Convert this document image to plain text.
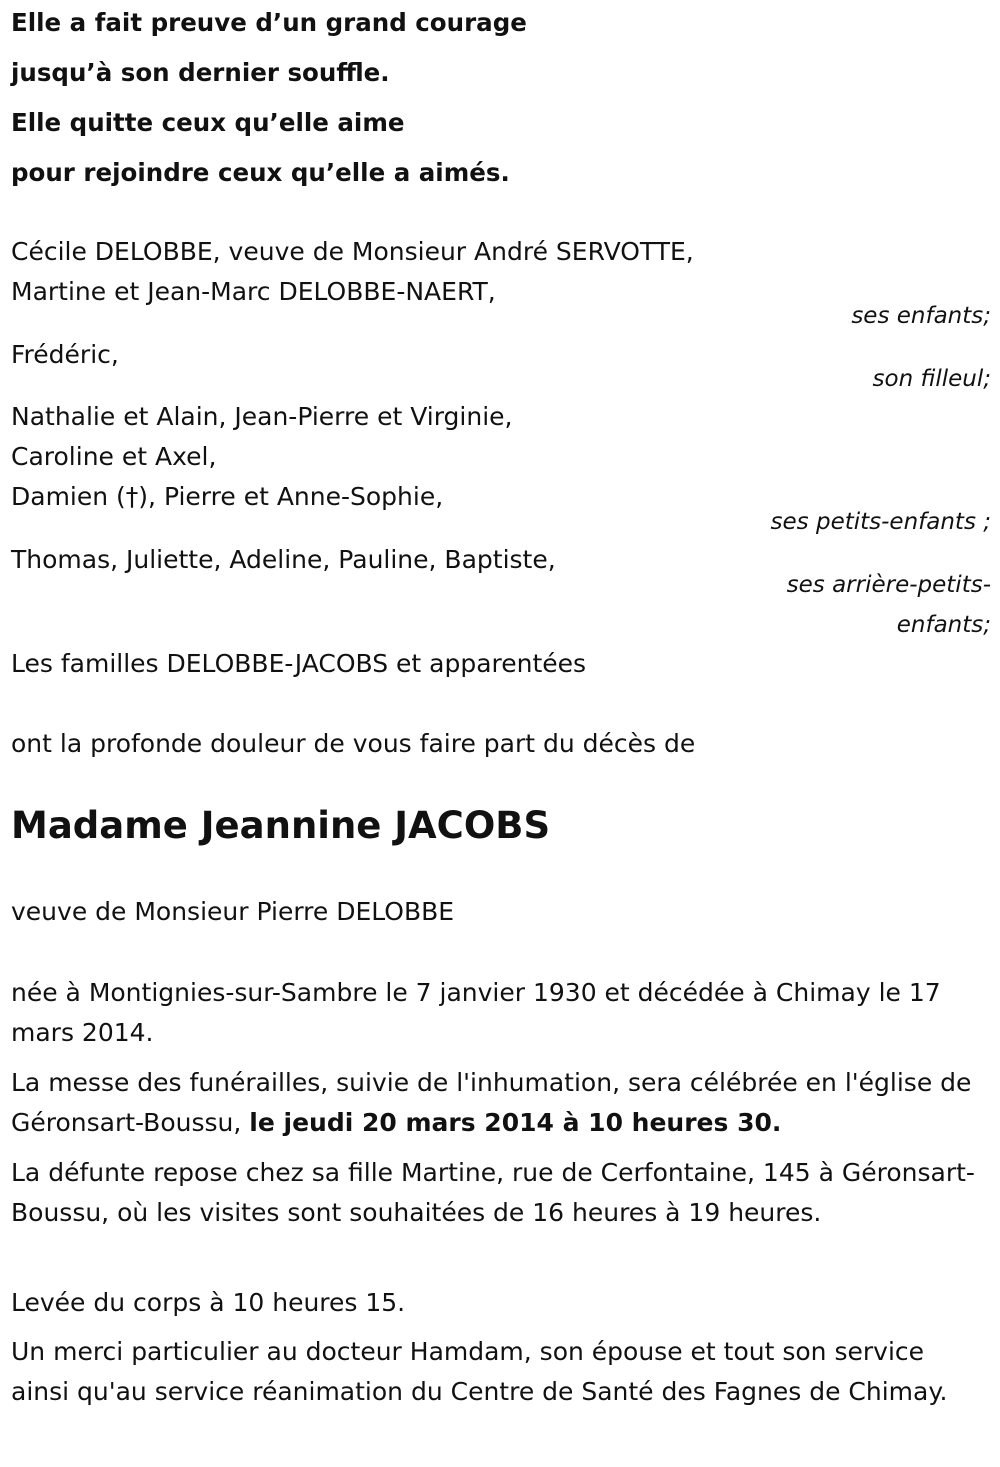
Elle a fait preuve d’un grand courage
jusqu’à son dernier souffle.
Elle quitte ceux qu’elle aime
pour rejoindre ceux qu’elle a aimés.
Cécile DELOBBE, veuve de Monsieur André SERVOTTE,
Martine et Jean-Marc DELOBBE-NAERT,
ses enfants;
Frédéric,
son filleul;
Nathalie et Alain, Jean-Pierre et Virginie,
Caroline et Axel,
Damien (†), Pierre et Anne-Sophie,
ses petits-enfants ;
Thomas, Juliette, Adeline, Pauline, Baptiste,
ses arrière-petits-
enfants;
Les familles DELOBBE-JACOBS et apparentées
ont la profonde douleur de vous faire part du décès de
Madame Jeannine JACOBS
veuve de Monsieur Pierre DELOBBE
née à Montignies-sur-Sambre le 7 janvier 1930 et décédée à Chimay le 17 mars 2014.
La messe des funérailles, suivie de l'inhumation, sera célébrée en l'église de Géronsart-Boussu, le jeudi 20 mars 2014 à 10 heures 30.
La défunte repose chez sa fille Martine, rue de Cerfontaine, 145 à Géronsart-Boussu, où les visites sont souhaitées de 16 heures à 19 heures.
Levée du corps à 10 heures 15.
Un merci particulier au docteur Hamdam, son épouse et tout son service ainsi qu'au service réanimation du Centre de Santé des Fagnes de Chimay.
